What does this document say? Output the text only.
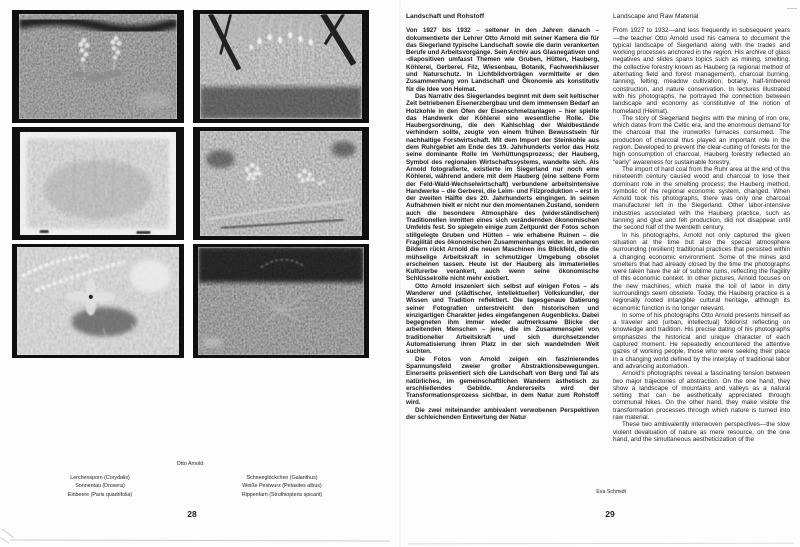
Otto Arnold
Lerchensporn (Corydalis)
Sonnentau (Drosera)
Einbeere (Paris quadrifolia)
Schneeglöckchen (Galanthus)
Weiße Pestwurz (Petasites albus)
Rippenfarn (Struthiopteris spicant)
28
Landschaft und Rohstoff

Von 1927 bis 1932 – seltener in den Jahren danach – dokumentierte der Lehrer Otto Arnold mit seiner Kamera die für das Siegerland typische Landschaft sowie die darin verankerten Berufe und Arbeitsvorgänge. Sein Archiv aus Glasnegativen und -diapositiven umfasst Themen wie Gruben, Hütten, Hauberg, Köhlerei, Gerberei, Filz, Wiesenbau, Botanik, Fachwerkhäuser und Naturschutz. In Lichtbildvorträgen vermittelte er den Zusammenhang von Landschaft und Ökonomie als konstitutiv für die Idee von Heimat.

Das Narrativ des Siegerlandes beginnt mit dem seit keltischer Zeit betriebenen Eisenerzbergbau und dem immensen Bedarf an Holzkohle in den Öfen der Eisenschmelzanlagen – hier spielte das Handwerk der Köhlerei eine wesentliche Rolle. Die Haubergsordnung, die den Kahlschlag der Waldbestände verhindern sollte, zeugte von einem frühen Bewusstsein für nachhaltige Forstwirtschaft. Mit dem Import der Steinkohle aus dem Ruhrgebiet am Ende des 19. Jahrhunderts verlor das Holz seine dominante Rolle im Verhüttungsprozess; der Hauberg, Symbol des regionalen Wirtschaftssystems, wandelte sich. Als Arnold fotografierte, existierte im Siegerland nur noch eine Köhlerei, während andere mit dem Hauberg (eine seltene Form der Feld-Wald-Wechselwirtschaft) verbundene arbeitsintensive Handwerke – die Gerberei, die Leim- und Filzproduktion – erst in der zweiten Hälfte des 20. Jahrhunderts eingingen. In seinen Aufnahmen hielt er nicht nur den momentanen Zustand, sondern auch die besondere Atmosphäre des (widerständischen) Traditionellen inmitten eines sich verändernden ökonomischen Umfelds fest. So spiegeln einige zum Zeitpunkt der Fotos schon stillgelegte Gruben und Hütten – wie erhabene Ruinen – die Fragilität des ökonomischen Zusammenhangs wider. In anderen Bildern rückt Arnold die neuen Maschinen ins Blickfeld, die die mühselige Arbeitskraft in schmutziger Umgebung obsolet erscheinen lassen. Heute ist der Hauberg als immaterielles Kulturerbe verankert, auch wenn seine ökonomische Schlüsselrolle nicht mehr existiert.

Otto Arnold inszeniert sich selbst auf einigen Fotos – als Wanderer und (städtischer, intellektueller) Volkskundler, der Wissen und Tradition reflektiert. Die tagesgenaue Datierung seiner Fotografien unterstreicht den historischen und einzigartigen Charakter jedes eingefangenen Augenblicks. Dabei begegneten ihm immer wieder aufmerksame Blicke der arbeitenden Menschen – jene, die im Zusammenspiel von traditioneller Arbeitskraft und sich durchsetzender Automatisierung ihren Platz in der sich wandelnden Welt suchten.

Die Fotos von Arnold zeigen ein faszinierendes Spannungsfeld zweier großer Abstraktionsbewegungen. Einerseits präsentiert sich die Landschaft von Berg und Tal als natürliches, im gemeinschaftlichen Wandern ästhetisch zu erschließendes Gebilde. Andererseits wird der Transformationsprozess sichtbar, in dem Natur zum Rohstoff wird.

Die zwei miteinander ambivalent verwobenen Perspektiven der schleichenden Entwertung der Natur

Landscape and Raw Material

From 1927 to 1932—and less frequently in subsequent years—the teacher Otto Arnold used his camera to document the typical landscape of Siegerland along with the trades and working processes anchored in the region. His archive of glass negatives and slides spans topics such as mining, smelting, the collective forestry known as Hauberg (a regional method of alternating field and forest management), charcoal burning, tanning, felting, meadow cultivation, botany, half-timbered construction, and nature conservation. In lectures illustrated with his photographs, he portrayed the connection between landscape and economy as constitutive of the notion of homeland (Heimat).

The story of Siegerland begins with the mining of iron ore, which dates from the Celtic era, and the enormous demand for the charcoal that the ironworks furnaces consumed. The production of charcoal thus played an important role in the region. Developed to prevent the clear-cutting of forests for the high consumption of charcoal, Hauberg forestry reflected an “early” awareness for sustainable forestry.

The import of hard coal from the Ruhr area at the end of the nineteenth century caused wood and charcoal to lose their dominant role in the smelting process; the Hauberg method, symbolic of the regional economic system, changed. When Arnold took his photographs, there was only one charcoal manufacturer left in the Siegerland. Other labor-intensive industries associated with the Hauberg practice, such as tanning and glue and felt production, did not disappear until the second half of the twentieth century.

In his photographs, Arnold not only captured the given situation at the time but also the special atmosphere surrounding (resilient) traditional practices that persisted within a changing economic environment. Some of the mines and smelters that had already closed by the time the photographs were taken have the air of sublime ruins, reflecting the fragility of this economic context. In other pictures, Arnold focuses on the new machines, which make the toil of labor in dirty surroundings seem obsolete. Today, the Hauberg practice is a regionally rooted intangible cultural heritage, although its economic function is no longer relevant.

In some of his photographs Otto Arnold presents himself as a traveler and (urban, intellectual) folklorist reflecting on knowledge and tradition. His precise dating of his photographs emphasizes the historical and unique character of each captured moment. He repeatedly encountered the attentive gazes of working people, those who were seeking their place in a changing world defined by the interplay of traditional labor and advancing automation.

Arnold's photographs reveal a fascinating tension between two major trajectories of abstraction. On the one hand, they show a landscape of mountains and valleys as a natural setting that can be aesthetically appreciated through communal hikes. On the other hand, they make visible the transformation processes through which nature is turned into raw material.

These two ambivalently interwoven perspectives—the slow violent devaluation of nature as mere resource, on the one hand, and the simultaneous aestheticization of the

Eva Schmidt
29
